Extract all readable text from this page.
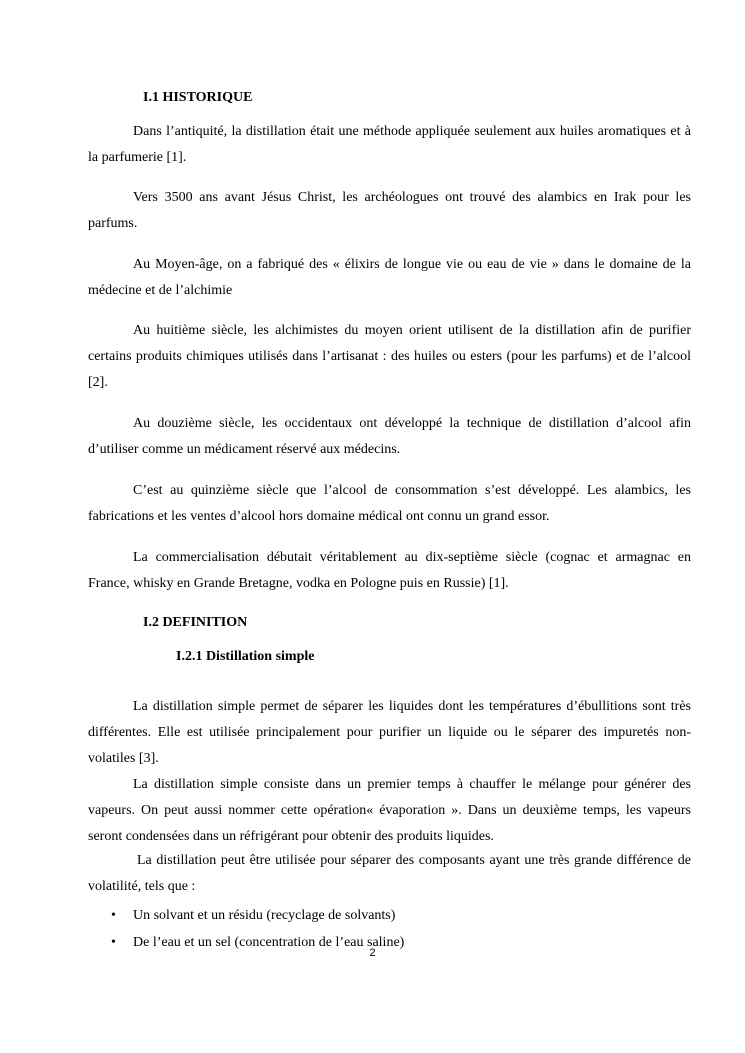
I.1 HISTORIQUE

Dans l’antiquité, la distillation était une méthode appliquée seulement aux huiles aromatiques et à la parfumerie [1].

Vers 3500 ans avant Jésus Christ, les archéologues ont trouvé des alambics en Irak pour les parfums.

Au Moyen-âge, on a fabriqué des « élixirs de longue vie ou eau de vie » dans le domaine de la médecine et de l’alchimie

Au huitième siècle, les alchimistes du moyen orient utilisent de la distillation afin de purifier certains produits chimiques utilisés dans l’artisanat : des huiles ou esters (pour les parfums) et de l’alcool [2].

Au douzième siècle, les occidentaux ont développé la technique de distillation d’alcool afin d’utiliser comme un médicament réservé aux médecins.

C’est au quinzième siècle que l’alcool de consommation s’est développé. Les alambics, les fabrications et les ventes d’alcool hors domaine médical ont connu un grand essor.

La commercialisation débutait véritablement au dix-septième siècle (cognac et armagnac en France, whisky en Grande Bretagne, vodka en Pologne puis en Russie) [1].

I.2 DEFINITION
I.2.1 Distillation simple

La distillation simple permet de séparer les liquides dont les températures d’ébullitions sont très différentes. Elle est utilisée principalement pour purifier un liquide ou le séparer des impuretés non-volatiles [3].

La distillation simple consiste dans un premier temps à chauffer le mélange pour générer des vapeurs. On peut aussi nommer cette opération« évaporation ». Dans un deuxième temps, les vapeurs seront condensées dans un réfrigérant pour obtenir des produits liquides.

La distillation peut être utilisée pour séparer des composants ayant une très grande différence de volatilité, tels que :

• Un solvant et un résidu (recyclage de solvants)
• De l’eau et un sel (concentration de l’eau saline)

2
